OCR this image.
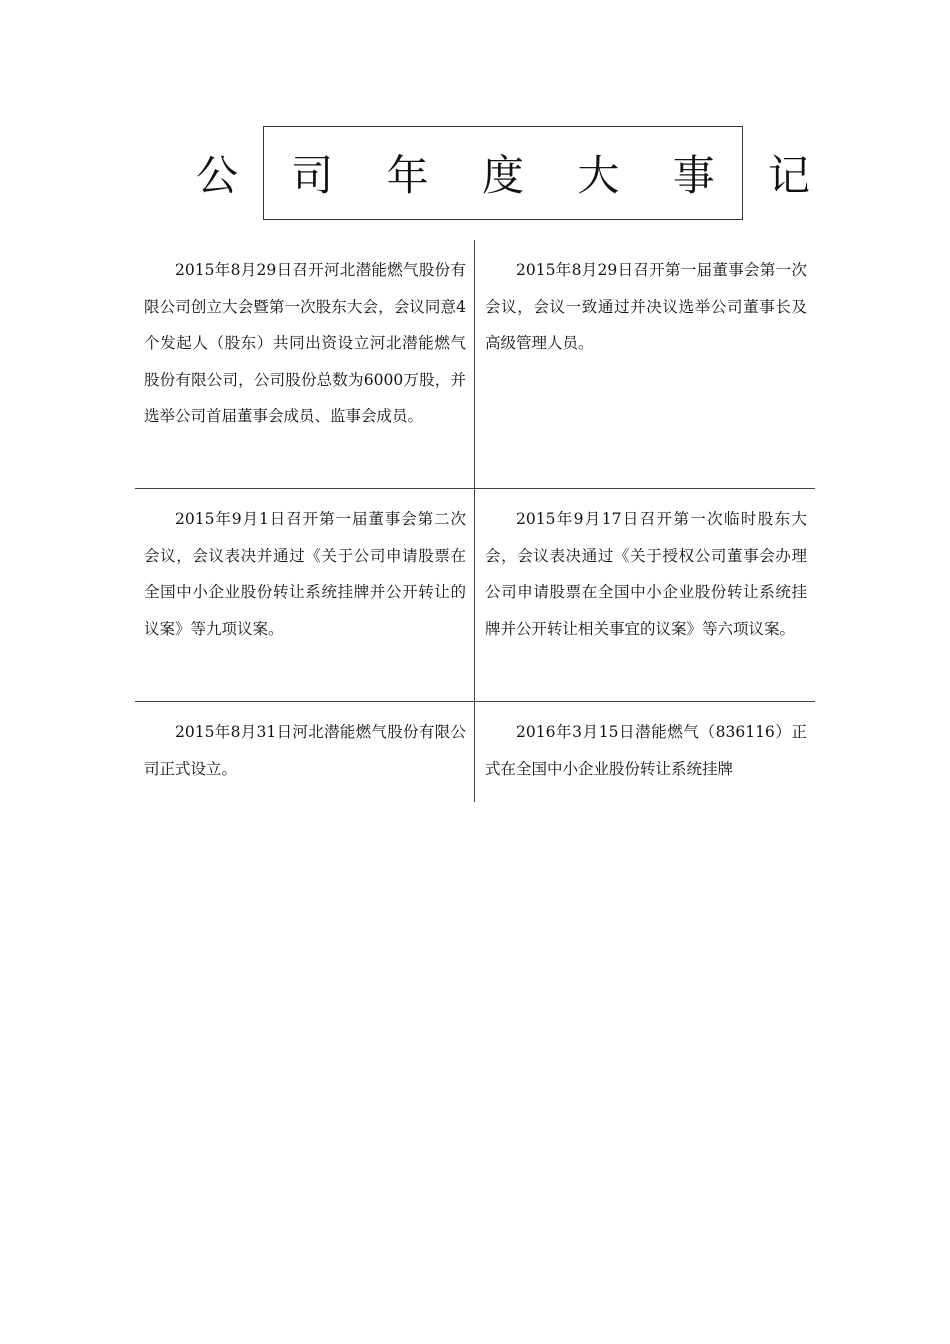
公 司 年 度 大 事 记
2015年8月29日召开河北潜能燃气股份有限公司创立大会暨第一次股东大会，会议同意4个发起人（股东）共同出资设立河北潜能燃气股份有限公司，公司股份总数为6000万股，并选举公司首届董事会成员、监事会成员。
2015年8月29日召开第一届董事会第一次会议，会议一致通过并决议选举公司董事长及高级管理人员。
2015年9月1日召开第一届董事会第二次会议，会议表决并通过《关于公司申请股票在全国中小企业股份转让系统挂牌并公开转让的议案》等九项议案。
2015年9月17日召开第一次临时股东大会，会议表决通过《关于授权公司董事会办理公司申请股票在全国中小企业股份转让系统挂牌并公开转让相关事宜的议案》等六项议案。
2015年8月31日河北潜能燃气股份有限公司正式设立。
2016年3月15日潜能燃气（836116）正式在全国中小企业股份转让系统挂牌
